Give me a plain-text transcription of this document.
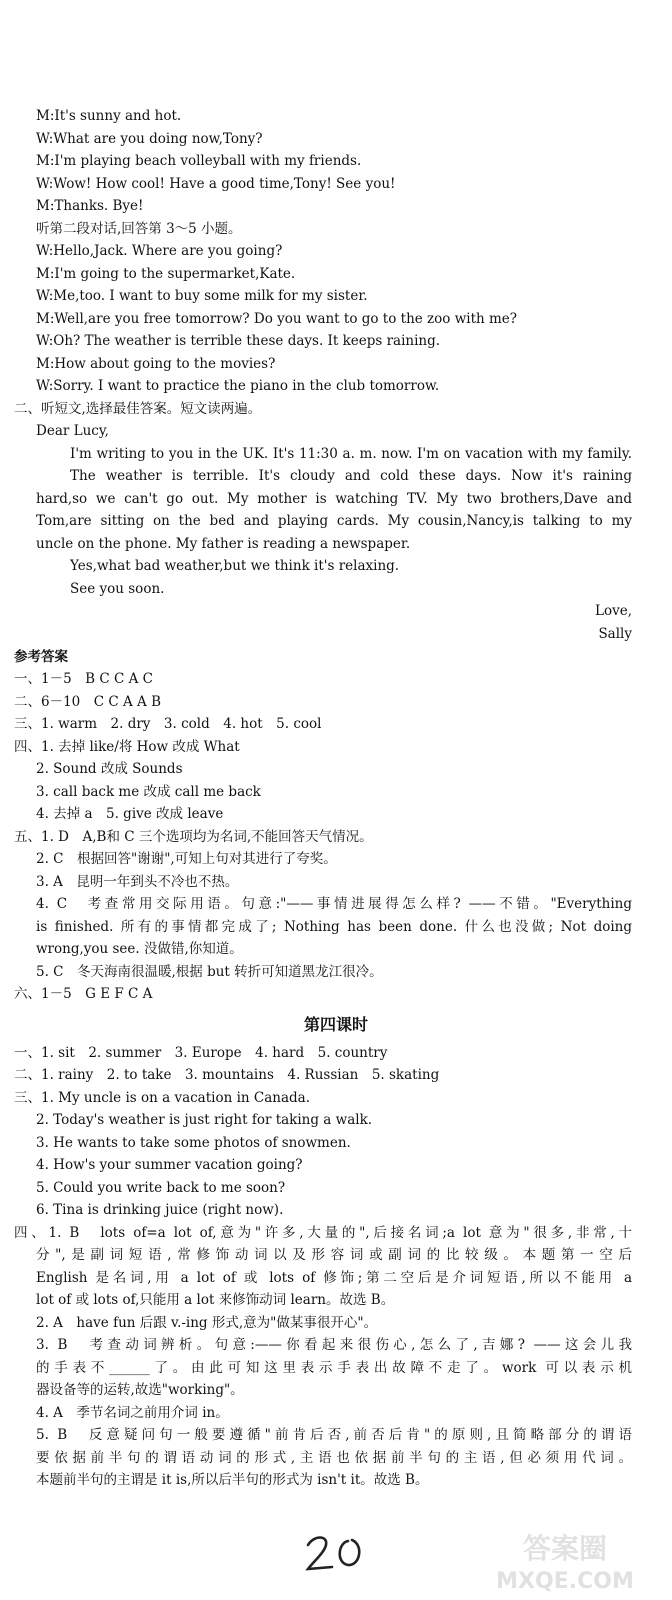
M:It's sunny and hot.
W:What are you doing now,Tony?
M:I'm playing beach volleyball with my friends.
W:Wow! How cool! Have a good time,Tony! See you!
M:Thanks. Bye!
听第二段对话,回答第 3～5 小题。
W:Hello,Jack. Where are you going?
M:I'm going to the supermarket,Kate.
W:Me,too. I want to buy some milk for my sister.
M:Well,are you free tomorrow? Do you want to go to the zoo with me?
W:Oh? The weather is terrible these days. It keeps raining.
M:How about going to the movies?
W:Sorry. I want to practice the piano in the club tomorrow.
二、听短文,选择最佳答案。短文读两遍。
Dear Lucy,
I'm writing to you in the UK. It's 11:30 a. m. now. I'm on vacation with my family.
The weather is terrible. It's cloudy and cold these days. Now it's raining
hard,so we can't go out. My mother is watching TV. My two brothers,Dave and
Tom,are sitting on the bed and playing cards. My cousin,Nancy,is talking to my
uncle on the phone. My father is reading a newspaper.
Yes,what bad weather,but we think it's relaxing.
See you soon.
Love,
Sally
参考答案
一、1－5　B C C A C
二、6－10　C C A A B
三、1. warm　2. dry　3. cold　4. hot　5. cool
四、1. 去掉 like/将 How 改成 What
2. Sound 改成 Sounds
3. call back me 改成 call me back
4. 去掉 a　5. give 改成 leave
五、1. D　A,B和 C 三个选项均为名词,不能回答天气情况。
2. C　根据回答"谢谢",可知上句对其进行了夸奖。
3. A　昆明一年到头不冷也不热。
4. C　考查常用交际用语。句意:"——事情进展得怎么样? ——不错。"Everything
is finished. 所有的事情都完成了; Nothing has been done. 什么也没做; Not doing
wrong,you see. 没做错,你知道。
5. C　冬天海南很温暖,根据 but 转折可知道黑龙江很冷。
六、1－5　G E F C A
第四课时
一、1. sit　2. summer　3. Europe　4. hard　5. country
二、1. rainy　2. to take　3. mountains　4. Russian　5. skating
三、1. My uncle is on a vacation in Canada.
2. Today's weather is just right for taking a walk.
3. He wants to take some photos of snowmen.
4. How's your summer vacation going?
5. Could you write back to me soon?
6. Tina is drinking juice (right now).
四、1. B　lots of=a lot of,意为"许多,大量的",后接名词;a lot 意为"很多,非常,十
分",是副词短语,常修饰动词以及形容词或副词的比较级。本题第一空后
English 是名词,用 a lot of 或 lots of 修饰;第二空后是介词短语,所以不能用 a
lot of 或 lots of,只能用 a lot 来修饰动词 learn。故选 B。
2. A　have fun 后跟 v.-ing 形式,意为"做某事很开心"。
3. B　考查动词辨析。句意:——你看起来很伤心,怎么了,吉娜? ——这会儿我
的手表不______了。由此可知这里表示手表出故障不走了。work 可以表示机
器设备等的运转,故选"working"。
4. A　季节名词之前用介词 in。
5. B　反意疑问句一般要遵循"前肯后否,前否后肯"的原则,且简略部分的谓语
要依据前半句的谓语动词的形式,主语也依据前半句的主语,但必须用代词。
本题前半句的主谓是 it is,所以后半句的形式为 isn't it。故选 B。
答案圈
MXQE.COM
